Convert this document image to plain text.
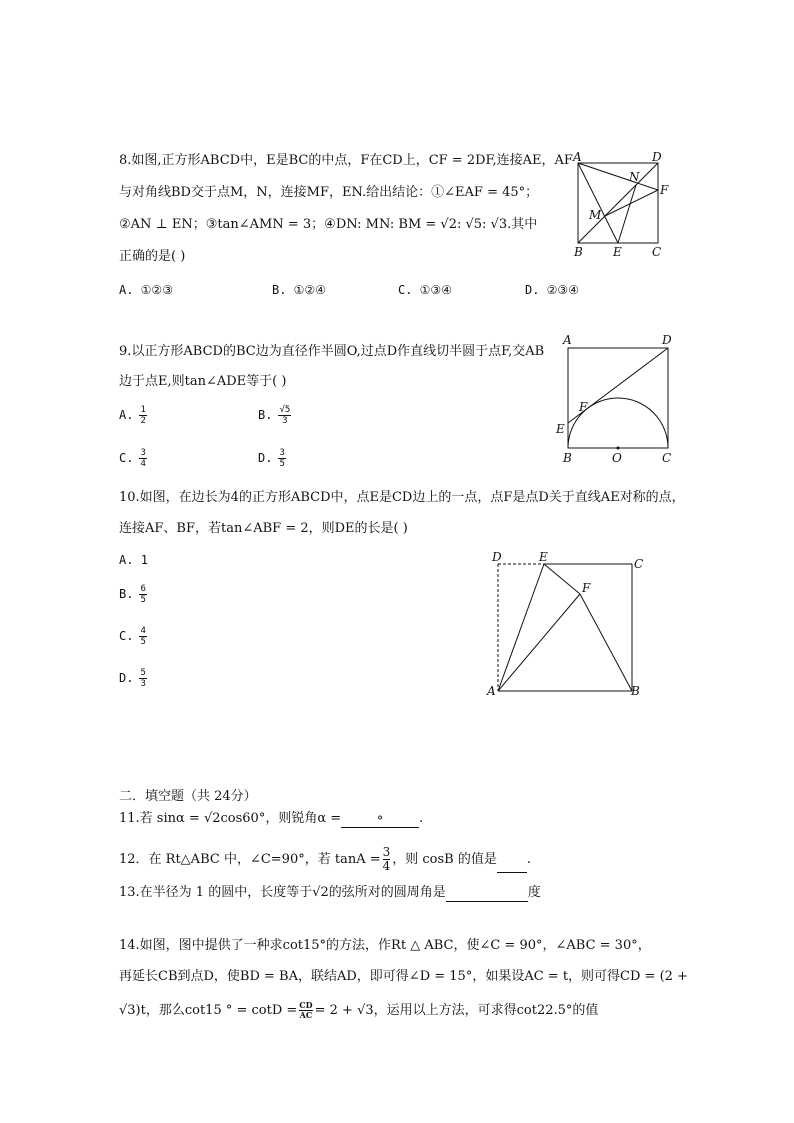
8.如图,正方形ABCD中，E是BC的中点，F在CD上，CF = 2DF,连接AE，AF
与对角线BD交于点M，N，连接MF，EN.给出结论：①∠EAF = 45°；
②AN ⊥ EN；③tan∠AMN = 3；④DN: MN: BM = √2: √5: √3.其中
正确的是( )
A. ①②③	B. ①②④	C. ①③④	D. ②③④
A	D
N
F
M
B	E	C
9.以正方形ABCD的BC边为直径作半圆O,过点D作直线切半圆于点F,交AB
边于点E,则tan∠ADE等于( )
A. $\frac{1}{2}$	B. $\frac{√5}{3}$
C. $\frac{3}{4}$	D. $\frac{3}{5}$
A	D
F
E
B	O	C
10.如图，在边长为4的正方形ABCD中，点E是CD边上的一点，点F是点D关于直线AE对称的点，
连接AF、BF，若tan∠ABF = 2，则DE的长是( )
A. 1
B. $\frac{6}{5}$
C. $\frac{4}{5}$
D. $\frac{5}{3}$
D	E	C
F
A	B
二．填空题（共 24分）
11.若 sinα = √2cos60°，则锐角α =	°	.
12．在 Rt△ABC 中，∠C=90°，若 $\tan A = \frac{3}{4}$ ，则 cosB 的值是 .
13.在半径为 1 的圆中，长度等于√2的弦所对的圆周角是	度
14.如图，图中提供了一种求cot15°的方法，作Rt △ ABC，使∠C = 90°，∠ABC = 30°，
再延长CB到点D，使BD = BA，联结AD，即可得∠D = 15°，如果设AC = t，则可得CD = (2 +
√3)t，那么cot15 ° = $\cot D = \frac{CD}{AC} = 2 + √3$，运用以上方法，可求得cot22.5°的值
